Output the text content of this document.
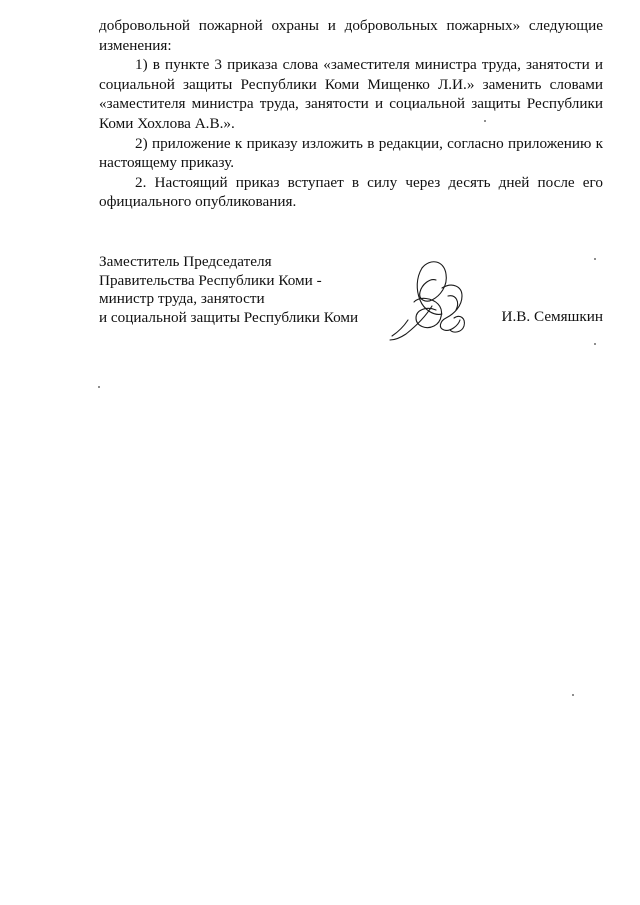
добровольной пожарной охраны и добровольных пожарных» следующие изменения:

1) в пункте 3 приказа слова «заместителя министра труда, занятости и социальной защиты Республики Коми Мищенко Л.И.» заменить словами «заместителя министра труда, занятости и социальной защиты Республики Коми Хохлова А.В.».

2) приложение к приказу изложить в редакции, согласно приложению к настоящему приказу.

2. Настоящий приказ вступает в силу через десять дней после его официального опубликования.

Заместитель Председателя
Правительства Республики Коми -
министр труда, занятости
и социальной защиты Республики Коми	И.В. Семяшкин
